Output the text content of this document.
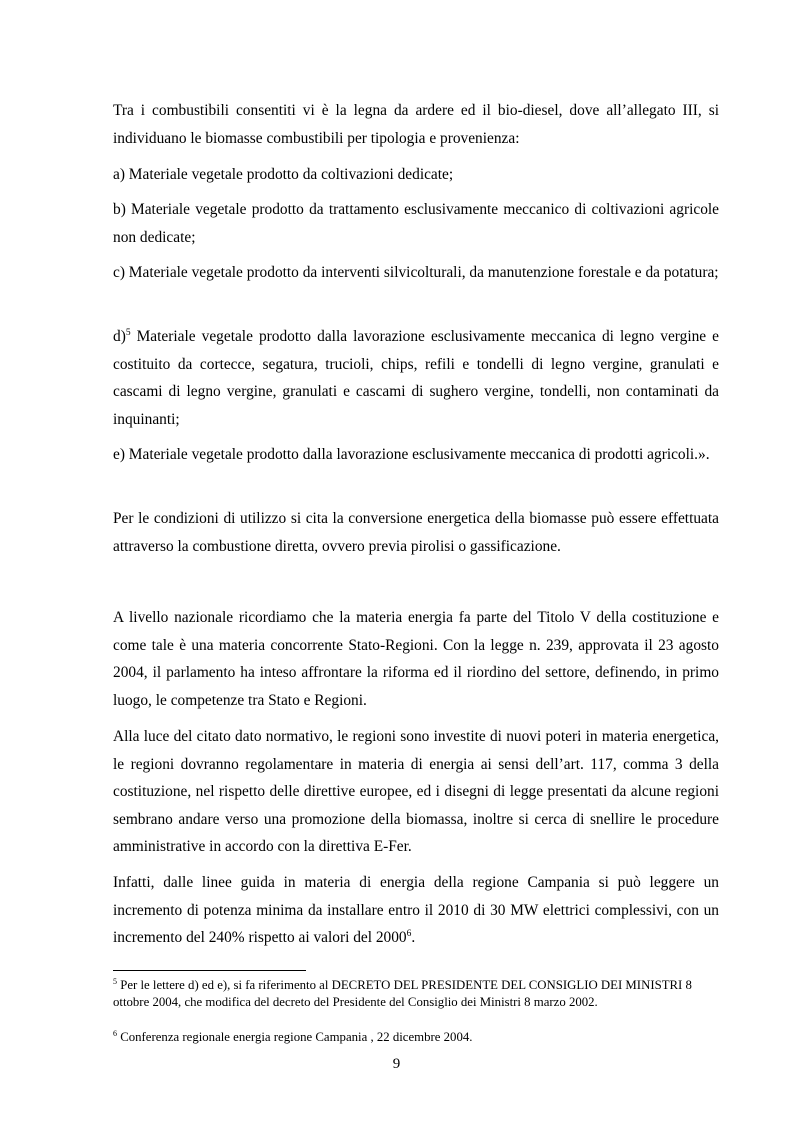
Tra i combustibili consentiti vi è la legna da ardere ed il bio-diesel, dove all’allegato III, si individuano le biomasse combustibili per tipologia e provenienza:

a) Materiale vegetale prodotto da coltivazioni dedicate;

b) Materiale vegetale prodotto da trattamento esclusivamente meccanico di coltivazioni agricole non dedicate;

c) Materiale vegetale prodotto da interventi silvicolturali, da manutenzione forestale e da potatura;

d)$^5$ Materiale vegetale prodotto dalla lavorazione esclusivamente meccanica di legno vergine e costituito da cortecce, segatura, trucioli, chips, refili e tondelli di legno vergine, granulati e cascami di legno vergine, granulati e cascami di sughero vergine, tondelli, non contaminati da inquinanti;

e) Materiale vegetale prodotto dalla lavorazione esclusivamente meccanica di prodotti agricoli.».

Per le condizioni di utilizzo si cita la conversione energetica della biomasse può essere effettuata attraverso la combustione diretta, ovvero previa pirolisi o gassificazione.

A livello nazionale ricordiamo che la materia energia fa parte del Titolo V della costituzione e come tale è una materia concorrente Stato-Regioni. Con la legge n. 239, approvata il 23 agosto 2004, il parlamento ha inteso affrontare la riforma ed il riordino del settore, definendo, in primo luogo, le competenze tra Stato e Regioni.

Alla luce del citato dato normativo, le regioni sono investite di nuovi poteri in materia energetica, le regioni dovranno regolamentare in materia di energia ai sensi dell’art. 117, comma 3 della costituzione, nel rispetto delle direttive europee, ed i disegni di legge presentati da alcune regioni sembrano andare verso una promozione della biomassa, inoltre si cerca di snellire le procedure amministrative in accordo con la direttiva E-Fer.

Infatti, dalle linee guida in materia di energia della regione Campania si può leggere un incremento di potenza minima da installare entro il 2010 di 30 MW elettrici complessivi, con un incremento del 240% rispetto ai valori del 2000$^6$.

$^5$ Per le lettere d) ed e), si fa riferimento al DECRETO DEL PRESIDENTE DEL CONSIGLIO DEI MINISTRI 8 ottobre 2004, che modifica del decreto del Presidente del Consiglio dei Ministri 8 marzo 2002.

$^6$ Conferenza regionale energia regione Campania , 22 dicembre 2004.

9
